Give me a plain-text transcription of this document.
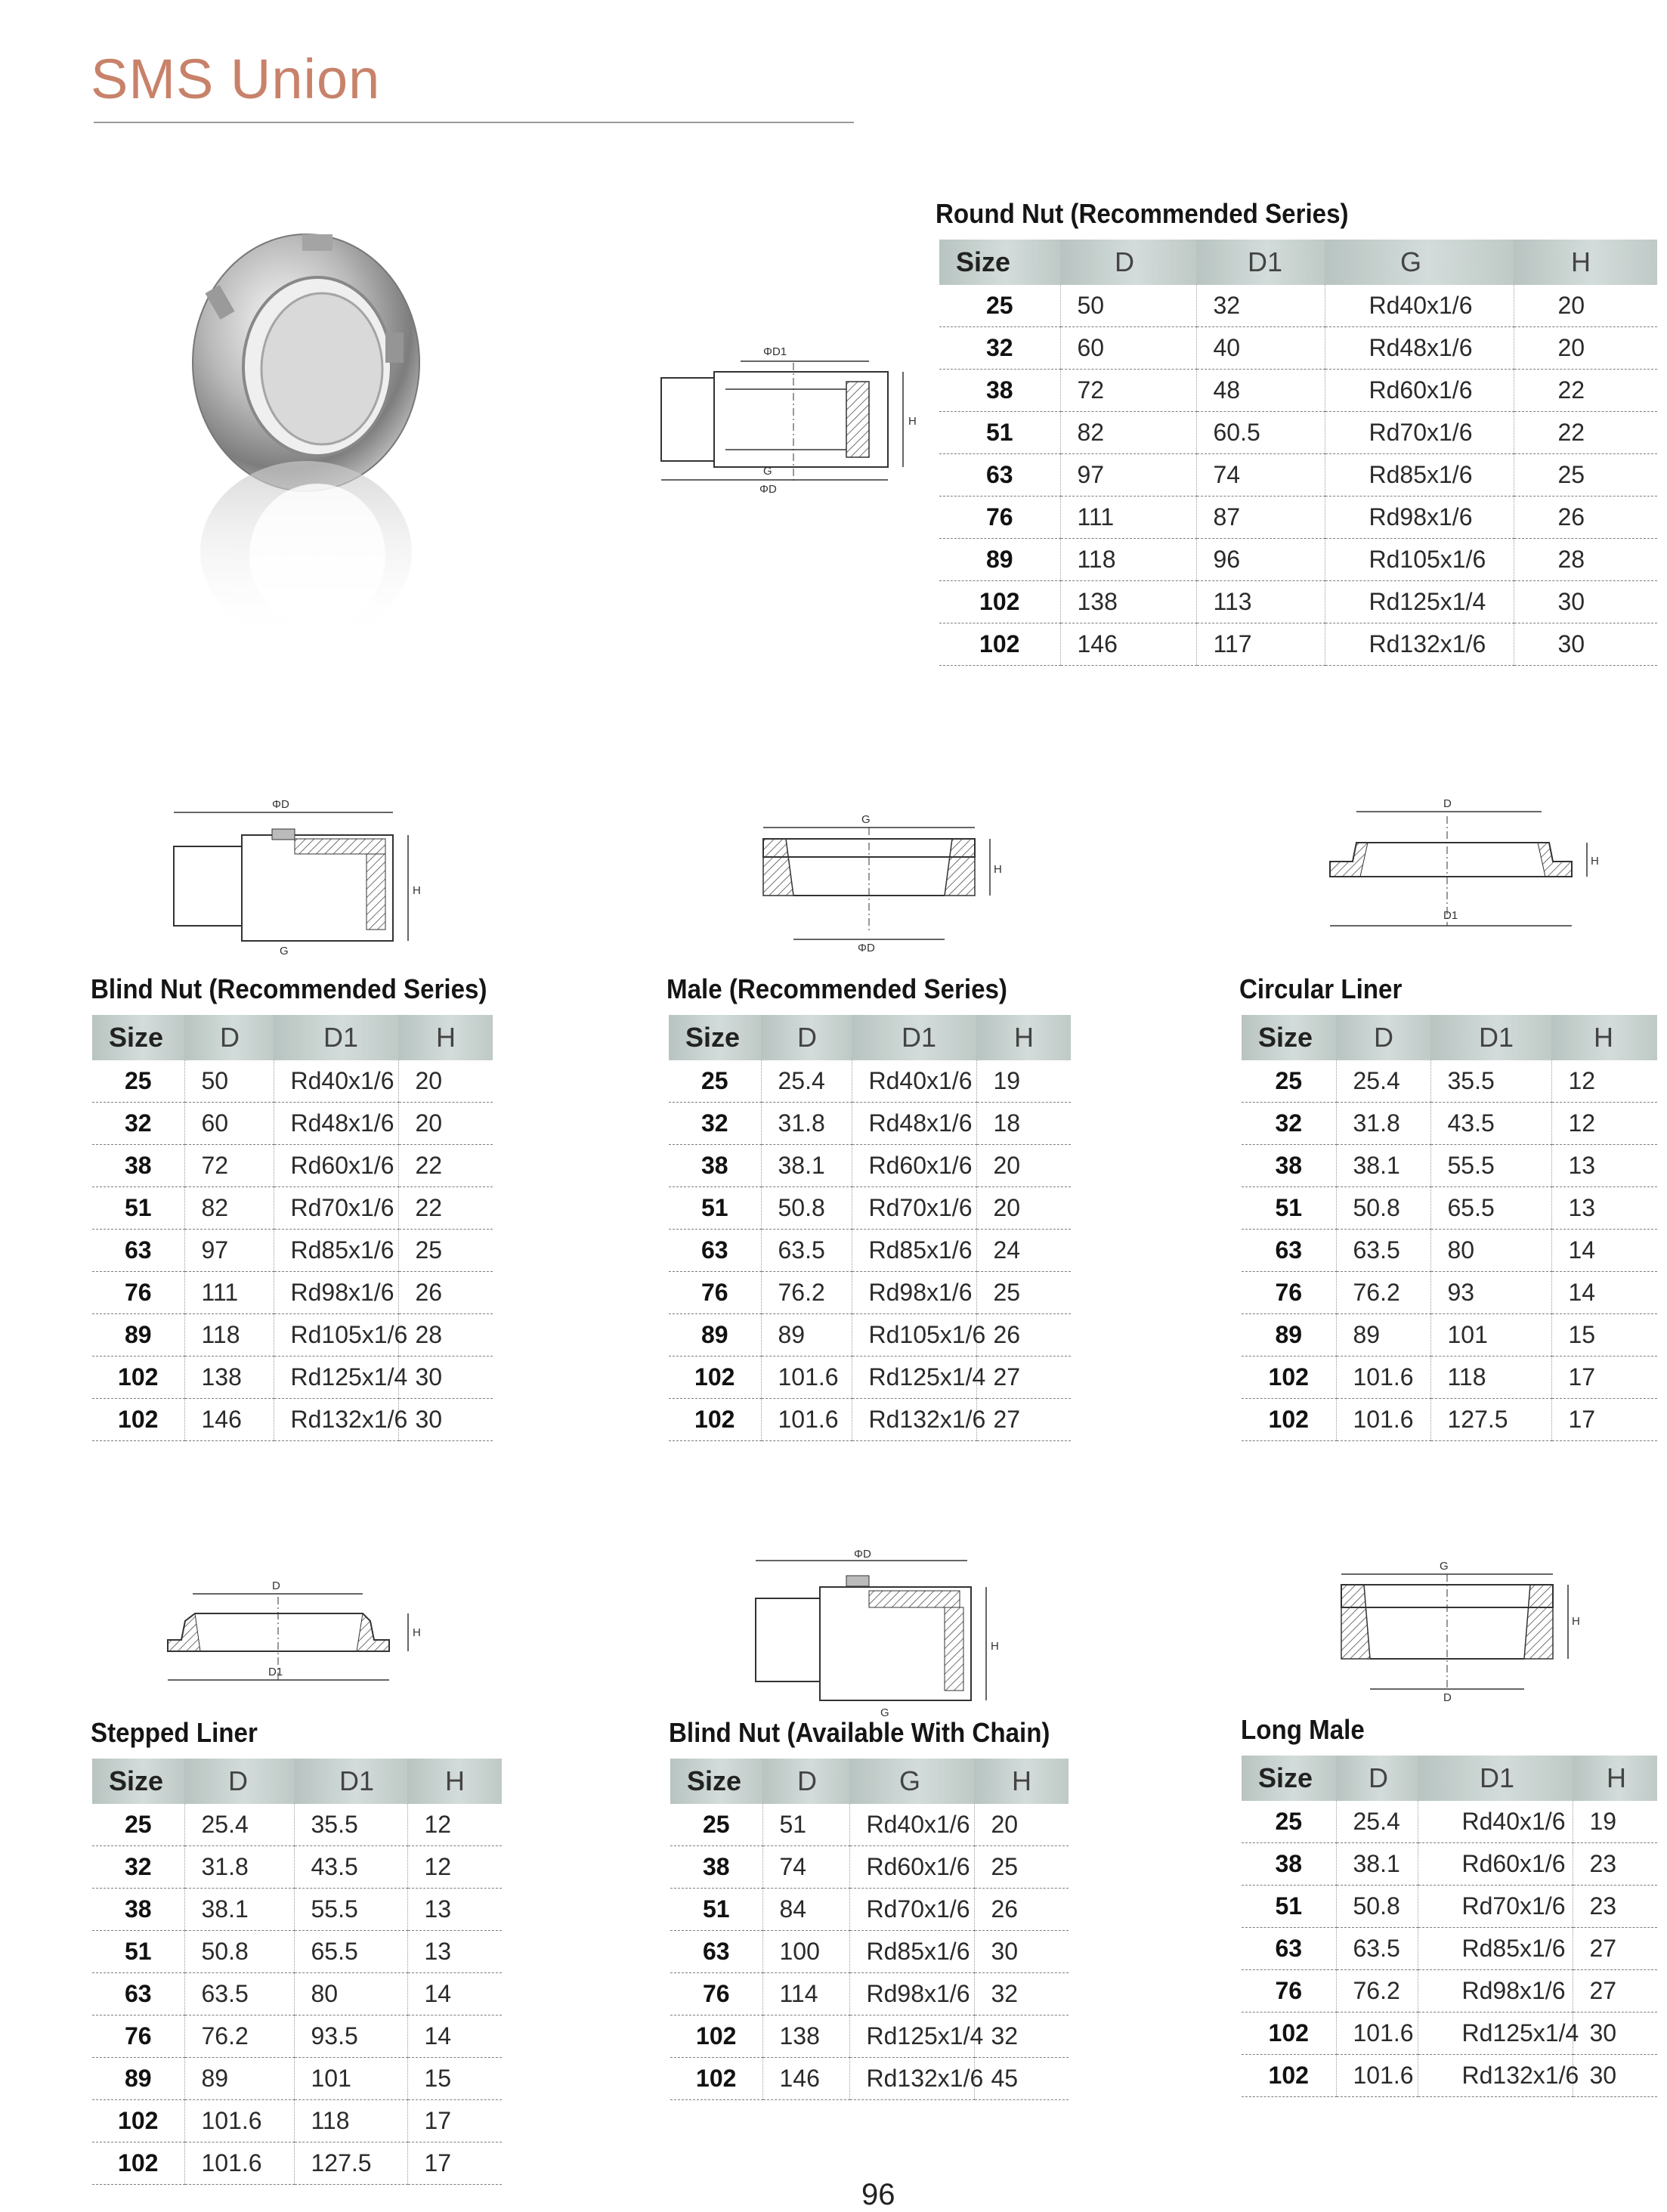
SMS Union
ΦD1
H
G
ΦD
ΦD
H
G
G
H
ΦD
D
H
D1
D
H
D1
ΦD
H
G
G
H
D
Round Nut (Recommended Series)
Blind Nut (Recommended Series)	Male (Recommended Series)	Circular Liner
Stepped Liner	Blind Nut (Available With Chain)	Long Male
Size	D	D1	G	H
25	50	32	Rd40x1/6	20
32	60	40	Rd48x1/6	20
38	72	48	Rd60x1/6	22
51	82	60.5	Rd70x1/6	22
63	97	74	Rd85x1/6	25
76	111	87	Rd98x1/6	26
89	118	96	Rd105x1/6	28
102	138	113	Rd125x1/4	30
102	146	117	Rd132x1/6	30
Size	D	D1	H
25	50	Rd40x1/6	20
32	60	Rd48x1/6	20
38	72	Rd60x1/6	22
51	82	Rd70x1/6	22
63	97	Rd85x1/6	25
76	111	Rd98x1/6	26
89	118	Rd105x1/6	28
102	138	Rd125x1/4	30
102	146	Rd132x1/6	30
Size	D	D1	H
25	25.4	Rd40x1/6	19
32	31.8	Rd48x1/6	18
38	38.1	Rd60x1/6	20
51	50.8	Rd70x1/6	20
63	63.5	Rd85x1/6	24
76	76.2	Rd98x1/6	25
89	89	Rd105x1/6	26
102	101.6	Rd125x1/4	27
102	101.6	Rd132x1/6	27
Size	D	D1	H
25	25.4	35.5	12
32	31.8	43.5	12
38	38.1	55.5	13
51	50.8	65.5	13
63	63.5	80	14
76	76.2	93	14
89	89	101	15
102	101.6	118	17
102	101.6	127.5	17
Size	D	D1	H
25	25.4	35.5	12
32	31.8	43.5	12
38	38.1	55.5	13
51	50.8	65.5	13
63	63.5	80	14
76	76.2	93.5	14
89	89	101	15
102	101.6	118	17
102	101.6	127.5	17
Size	D	G	H
25	51	Rd40x1/6	20
38	74	Rd60x1/6	25
51	84	Rd70x1/6	26
63	100	Rd85x1/6	30
76	114	Rd98x1/6	32
102	138	Rd125x1/4	32
102	146	Rd132x1/6	45
Size	D	D1	H
25	25.4	Rd40x1/6	19
38	38.1	Rd60x1/6	23
51	50.8	Rd70x1/6	23
63	63.5	Rd85x1/6	27
76	76.2	Rd98x1/6	27
102	101.6	Rd125x1/4	30
102	101.6	Rd132x1/6	30
96
